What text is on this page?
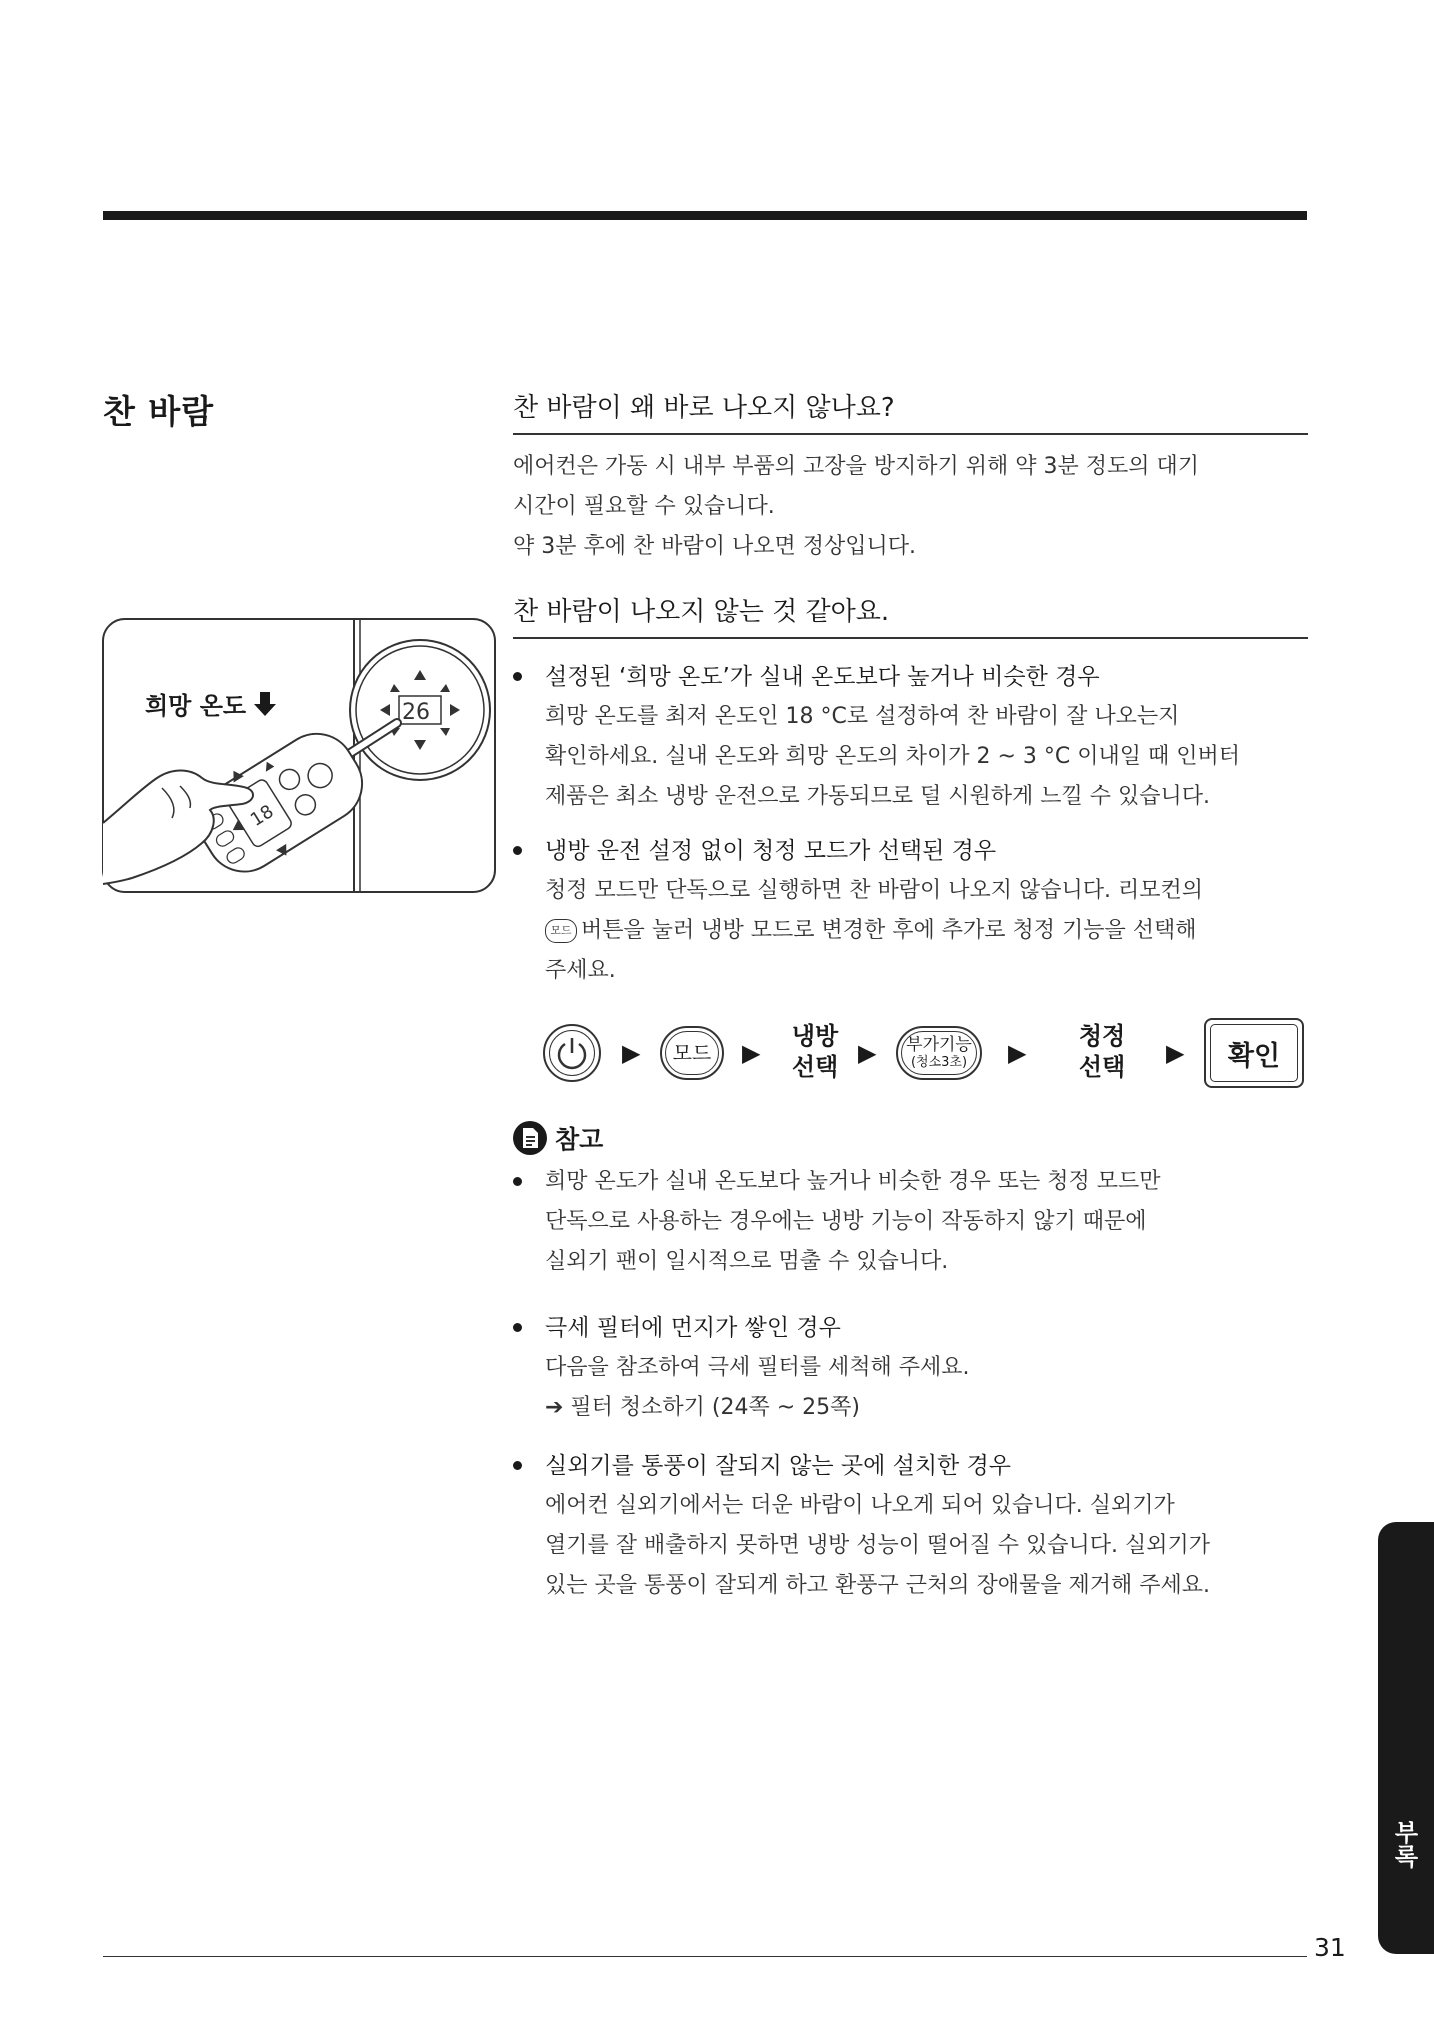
찬 바람	찬 바람이 왜 바로 나오지 않나요?
에어컨은 가동 시 내부 부품의 고장을 방지하기 위해 약 3분 정도의 대기
시간이 필요할 수 있습니다.
약 3분 후에 찬 바람이 나오면 정상입니다.
찬 바람이 나오지 않는 것 같아요.
설정된 ‘희망 온도’가 실내 온도보다 높거나 비슷한 경우
희망 온도를 최저 온도인 18 °C로 설정하여 찬 바람이 잘 나오는지
확인하세요. 실내 온도와 희망 온도의 차이가 2 ~ 3 °C 이내일 때 인버터
제품은 최소 냉방 운전으로 가동되므로 덜 시원하게 느낄 수 있습니다.
냉방 운전 설정 없이 청정 모드가 선택된 경우
청정 모드만 단독으로 실행하면 찬 바람이 나오지 않습니다. 리모컨의
모드 버튼을 눌러 냉방 모드로 변경한 후에 추가로 청정 기능을 선택해
주세요.
26
18
희망 온도
▶ 모드 ▶
냉방
선택 ▶ 부가기능
(청소3초) ▶
청정
선택 ▶ 확인
참고
희망 온도가 실내 온도보다 높거나 비슷한 경우 또는 청정 모드만
단독으로 사용하는 경우에는 냉방 기능이 작동하지 않기 때문에
실외기 팬이 일시적으로 멈출 수 있습니다.
극세 필터에 먼지가 쌓인 경우
다음을 참조하여 극세 필터를 세척해 주세요.
➔ 필터 청소하기 (24쪽 ~ 25쪽)
실외기를 통풍이 잘되지 않는 곳에 설치한 경우
에어컨 실외기에서는 더운 바람이 나오게 되어 있습니다. 실외기가
열기를 잘 배출하지 못하면 냉방 성능이 떨어질 수 있습니다. 실외기가
있는 곳을 통풍이 잘되게 하고 환풍구 근처의 장애물을 제거해 주세요.
부록
31
